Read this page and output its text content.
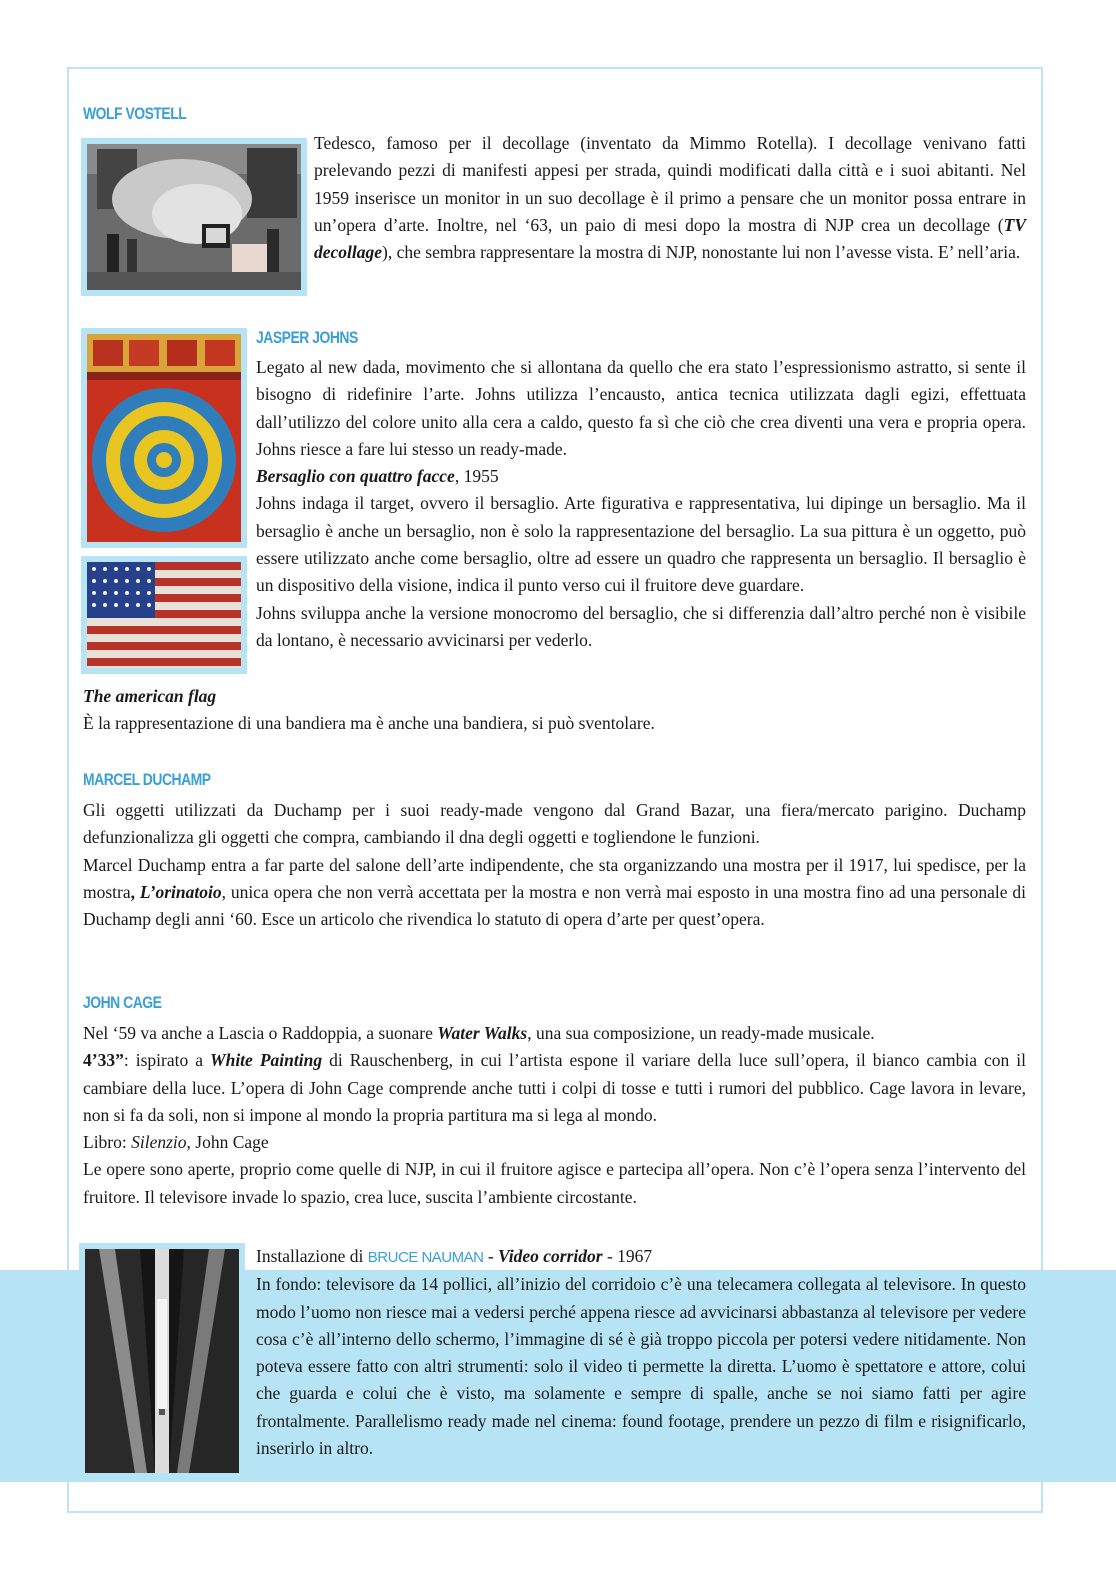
WOLF VOSTELL

Tedesco, famoso per il decollage (inventato da Mimmo Rotella). I decollage venivano fatti prelevando pezzi di manifesti appesi per strada, quindi modificati dalla città e i suoi abitanti. Nel 1959 inserisce un monitor in un suo decollage è il primo a pensare che un monitor possa entrare in un’opera d’arte. Inoltre, nel ‘63, un paio di mesi dopo la mostra di NJP crea un decollage (TV decollage), che sembra rappresentare la mostra di NJP, nonostante lui non l’avesse vista. E’ nell’aria.

JASPER JOHNS

Legato al new dada, movimento che si allontana da quello che era stato l’espressionismo astratto, si sente il bisogno di ridefinire l’arte. Johns utilizza l’encausto, antica tecnica utilizzata dagli egizi, effettuata dall’utilizzo del colore unito alla cera a caldo, questo fa sì che ciò che crea diventi una vera e propria opera. Johns riesce a fare lui stesso un ready-made.

Bersaglio con quattro facce, 1955

Johns indaga il target, ovvero il bersaglio. Arte figurativa e rappresentativa, lui dipinge un bersaglio. Ma il bersaglio è anche un bersaglio, non è solo la rappresentazione del bersaglio. La sua pittura è un oggetto, può essere utilizzato anche come bersaglio, oltre ad essere un quadro che rappresenta un bersaglio. Il bersaglio è un dispositivo della visione, indica il punto verso cui il fruitore deve guardare.

Johns sviluppa anche la versione monocromo del bersaglio, che si differenzia dall’altro perché non è visibile da lontano, è necessario avvicinarsi per vederlo.

The american flag

È la rappresentazione di una bandiera ma è anche una bandiera, si può sventolare.

MARCEL DUCHAMP

Gli oggetti utilizzati da Duchamp per i suoi ready-made vengono dal Grand Bazar, una fiera/mercato parigino. Duchamp defunzionalizza gli oggetti che compra, cambiando il dna degli oggetti e togliendone le funzioni.

Marcel Duchamp entra a far parte del salone dell’arte indipendente, che sta organizzando una mostra per il 1917, lui spedisce, per la mostra, L’orinatoio, unica opera che non verrà accettata per la mostra e non verrà mai esposto in una mostra fino ad una personale di Duchamp degli anni ‘60. Esce un articolo che rivendica lo statuto di opera d’arte per quest’opera.

JOHN CAGE

Nel ‘59 va anche a Lascia o Raddoppia, a suonare Water Walks, una sua composizione, un ready-made musicale.

4’33”: ispirato a White Painting di Rauschenberg, in cui l’artista espone il variare della luce sull’opera, il bianco cambia con il cambiare della luce. L’opera di John Cage comprende anche tutti i colpi di tosse e tutti i rumori del pubblico. Cage lavora in levare, non si fa da soli, non si impone al mondo la propria partitura ma si lega al mondo.

Libro: Silenzio, John Cage

Le opere sono aperte, proprio come quelle di NJP, in cui il fruitore agisce e partecipa all’opera. Non c’è l’opera senza l’intervento del fruitore. Il televisore invade lo spazio, crea luce, suscita l’ambiente circostante.

Installazione di BRUCE NAUMAN - Video corridor - 1967

In fondo: televisore da 14 pollici, all’inizio del corridoio c’è una telecamera collegata al televisore. In questo modo l’uomo non riesce mai a vedersi perché appena riesce ad avvicinarsi abbastanza al televisore per vedere cosa c’è all’interno dello schermo, l’immagine di sé è già troppo piccola per potersi vedere nitidamente. Non poteva essere fatto con altri strumenti: solo il video ti permette la diretta. L’uomo è spettatore e attore, colui che guarda e colui che è visto, ma solamente e sempre di spalle, anche se noi siamo fatti per agire frontalmente. Parallelismo ready made nel cinema: found footage, prendere un pezzo di film e risignificarlo, inserirlo in altro.
